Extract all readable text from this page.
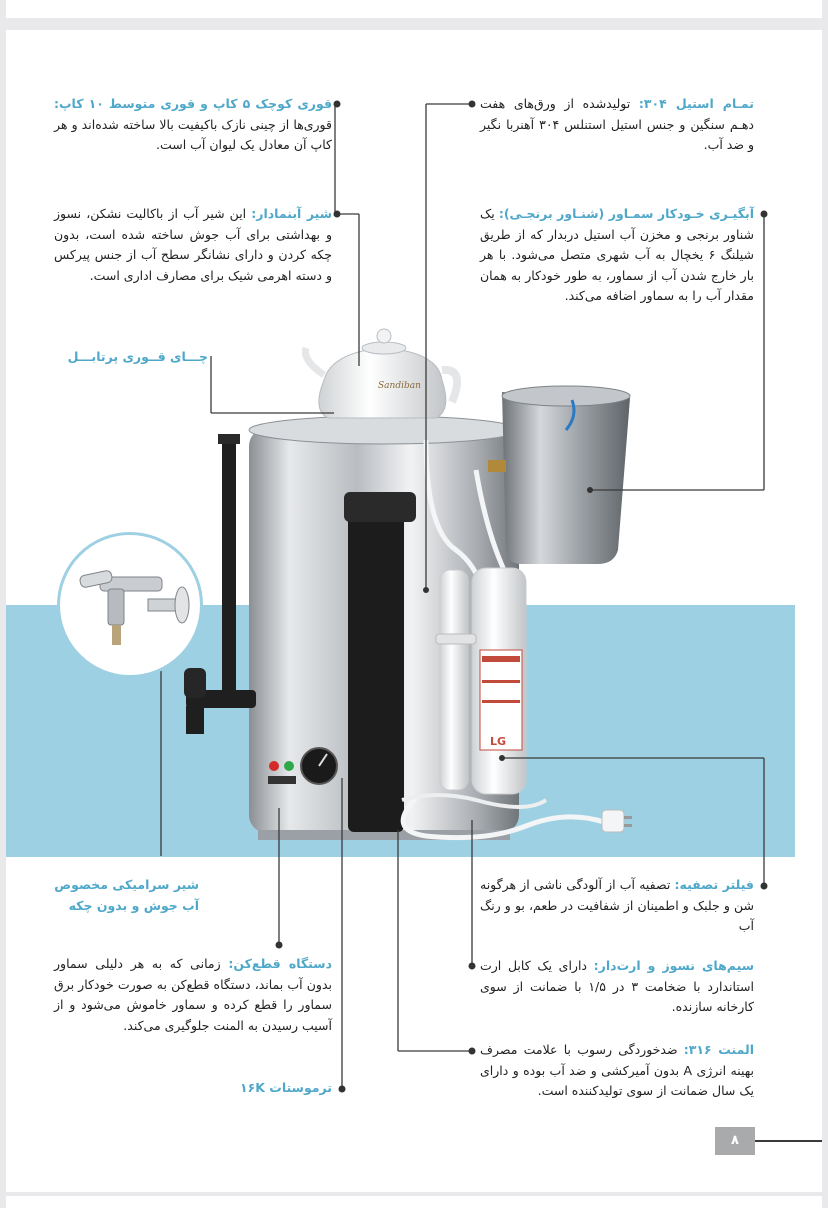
Sandiban
LG
قوری کوچک ۵ کاپ و قوری متوسط ۱۰ کاپ: قوری‌ها از چینی نازک باکیفیت بالا ساخته شده‌اند و هر کاپ آن معادل یک لیوان آب است.
شیر آبنمادار: این شیر آب از باکالیت نشکن، نسوز و بهداشتی برای آب جوش ساخته شده است، بدون چکه کردن و دارای نشانگر سطح آب از جنس پیرکس و دسته اهرمی شیک برای مصارف اداری است.
چـــای قــوری پرتابـــل
شیر سرامیکی مخصوص
آب جوش و بدون چکه
دستگاه قطع‌کن: زمانی که به هر دلیلی سماور بدون آب بماند، دستگاه قطع‌کن به صورت خودکار برق سماور را قطع کرده و سماور خاموش می‌شود و از آسیب رسیدن به المنت جلوگیری می‌کند.
ترموستات ۱۶K
تمـام استیل ۳۰۴: تولیدشده از ورق‌های هفت دهـم سنگین و جنس استیل استنلس ۳۰۴ آهنربا نگیر و ضد آب.
آبگیـری خـودکار سمـاور (شنـاور برنجـی): یک شناور برنجی و مخزن آب استیل دربدار که از طریق شیلنگ ۶ یخچال به آب شهری متصل می‌شود. با هر بار خارج شدن آب از سماور، به طور خودکار به همان مقدار آب را به سماور اضافه می‌کند.
فیلتر تصفیه: تصفیه آب از آلودگی ناشی از هرگونه شن و جلبک و اطمینان از شفافیت در طعم، بو و رنگ آب
سیم‌های نسوز و ارت‌دار: دارای یک کابل ارت استاندارد با ضخامت ۳ در ۱/۵ با ضمانت از سوی کارخانه سازنده.
المنت ۳۱۶: ضدخوردگی رسوب با علامت مصرف بهینه انرژی A بدون آمیرکشی و ضد آب بوده و دارای یک سال ضمانت از سوی تولیدکننده است.
۸
